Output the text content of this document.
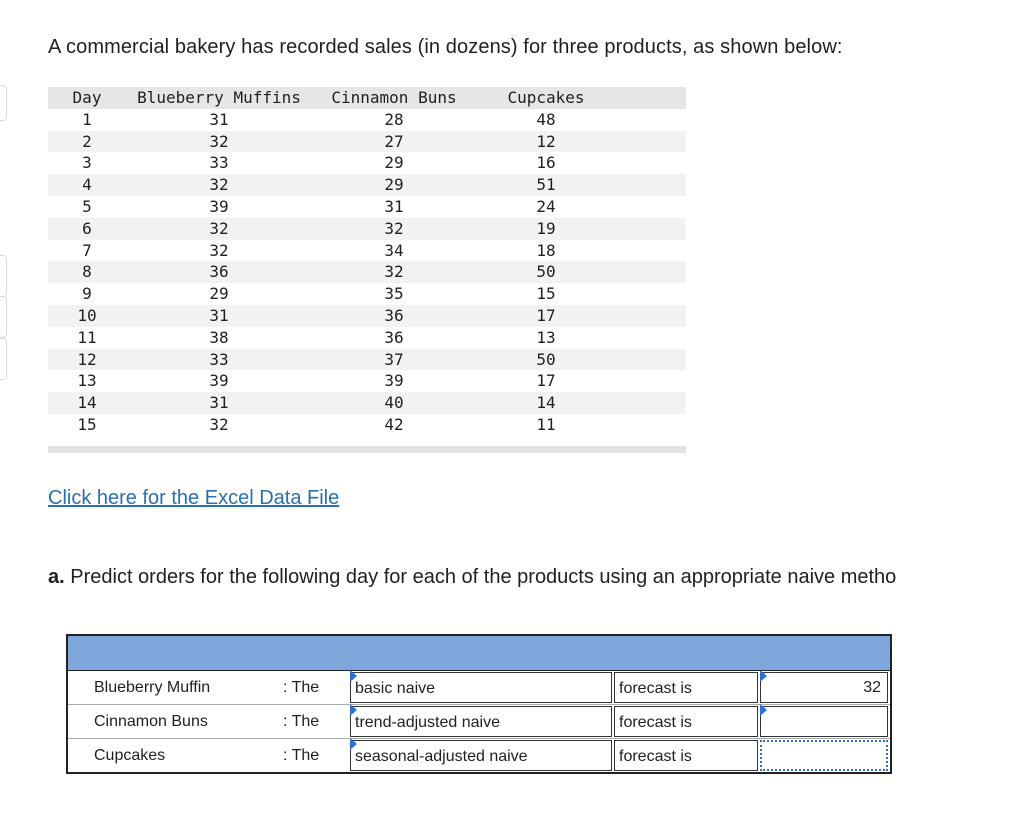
A commercial bakery has recorded sales (in dozens) for three products, as shown below:
Day	Blueberry Muffins	Cinnamon Buns	Cupcakes	
1	31	28	48	
2	32	27	12	
3	33	29	16	
4	32	29	51	
5	39	31	24	
6	32	32	19	
7	32	34	18	
8	36	32	50	
9	29	35	15	
10	31	36	17	
11	38	36	13	
12	33	37	50	
13	39	39	17	
14	31	40	14	
15	32	42	11	
Click here for the Excel Data File
a. Predict orders for the following day for each of the products using an appropriate naive metho
Blueberry Muffin	: The	basic naive	forecast is	32
Cinnamon Buns	: The	trend-adjusted naive	forecast is
Cupcakes	: The	seasonal-adjusted naive	forecast is
